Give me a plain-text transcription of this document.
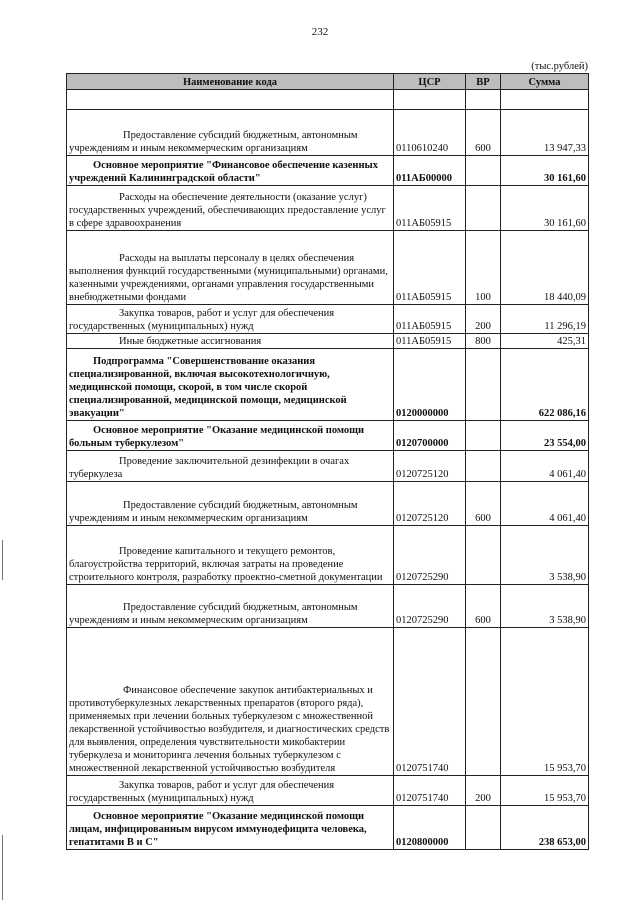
232
(тыс.рублей)
Наименование кода	ЦСР	ВР	Сумма

Предоставление субсидий бюджетным, автономным учреждениям и иным некоммерческим организациям	0110610240	600	13 947,33
Основное мероприятие "Финансовое обеспечение казенных учреждений Калининградской области"	011АБ00000		30 161,60
Расходы на обеспечение деятельности (оказание услуг) государственных учреждений, обеспечивающих предоставление услуг в сфере здравоохранения	011АБ05915		30 161,60
Расходы на выплаты персоналу в целях обеспечения выполнения функций государственными (муниципальными) органами, казенными учреждениями, органами управления государственными внебюджетными фондами	011АБ05915	100	18 440,09
Закупка товаров, работ и услуг для обеспечения государственных (муниципальных) нужд	011АБ05915	200	11 296,19
Иные бюджетные ассигнования	011АБ05915	800	425,31
Подпрограмма "Совершенствование оказания специализированной, включая высокотехнологичную, медицинской помощи, скорой, в том числе скорой специализированной, медицинской помощи, медицинской эвакуации"	0120000000		622 086,16
Основное мероприятие "Оказание медицинской помощи больным туберкулезом"	0120700000		23 554,00
Проведение заключительной дезинфекции в очагах туберкулеза	0120725120		4 061,40
Предоставление субсидий бюджетным, автономным учреждениям и иным некоммерческим организациям	0120725120	600	4 061,40
Проведение капитального и текущего ремонтов, благоустройства территорий, включая затраты на проведение строительного контроля, разработку проектно-сметной документации	0120725290		3 538,90
Предоставление субсидий бюджетным, автономным учреждениям и иным некоммерческим организациям	0120725290	600	3 538,90
Финансовое обеспечение закупок антибактериальных и противотуберкулезных лекарственных препаратов (второго ряда), применяемых при лечении больных туберкулезом с множественной лекарственной устойчивостью возбудителя, и диагностических средств для выявления, определения чувствительности микобактерии туберкулеза и мониторинга лечения больных туберкулезом с множественной лекарственной устойчивостью возбудителя	0120751740		15 953,70
Закупка товаров, работ и услуг для обеспечения государственных (муниципальных) нужд	0120751740	200	15 953,70
Основное мероприятие "Оказание медицинской помощи лицам, инфицированным вирусом иммунодефицита человека, гепатитами В и С"	0120800000		238 653,00
